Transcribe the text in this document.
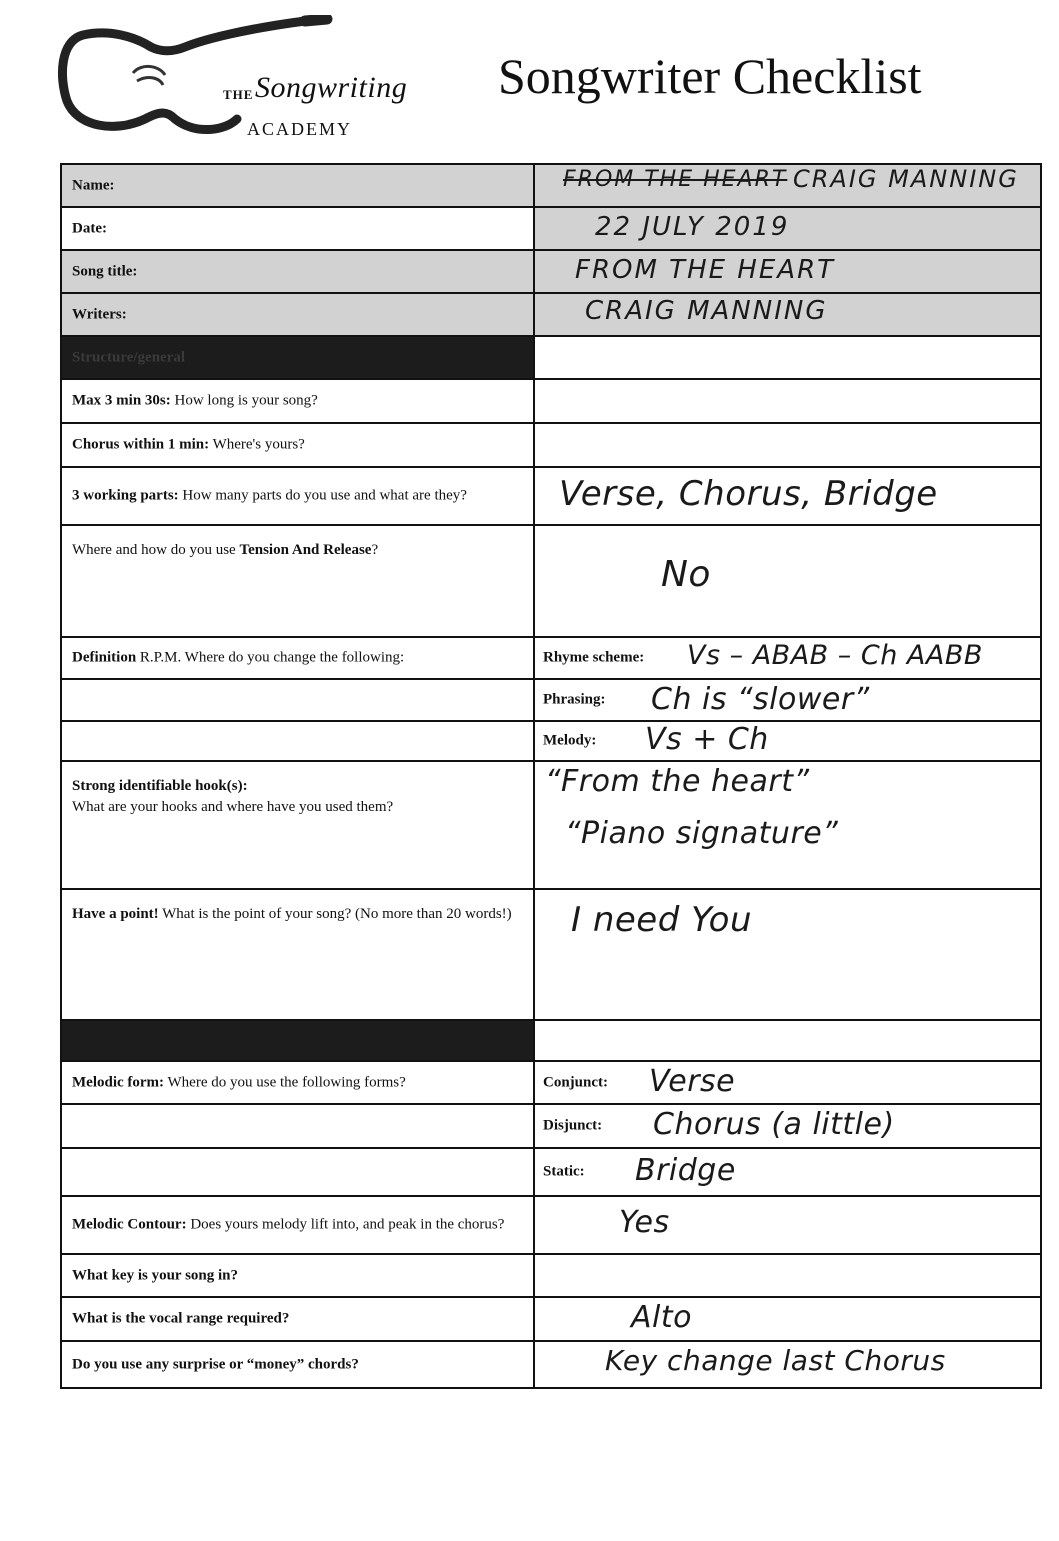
THE Songwriting
ACADEMY
Songwriter Checklist
Name:	FROM THE HEART CRAIG MANNING
Date:	22 JULY 2019
Song title:	FROM THE HEART
Writers:	CRAIG MANNING
Structure/general
Max 3 min 30s: How long is your song?
Chorus within 1 min: Where's yours?
3 working parts: How many parts do you use and what are they?	Verse, Chorus, Bridge
Where and how do you use Tension And Release?
No
Definition R.P.M. Where do you change the following:	Rhyme scheme: Vs – ABAB – Ch AABB
Phrasing: Ch is “slower”
Melody: Vs + Ch
Strong identifiable hook(s):
What are your hooks and where have you used them?
“From the heart”
“Piano signature”
Have a point! What is the point of your song? (No more than 20 words!)	I need You
Melodic form: Where do you use the following forms?	Conjunct: Verse
Disjunct: Chorus (a little)
Static: Bridge
Melodic Contour: Does yours melody lift into, and peak in the chorus?	Yes
What key is your song in?
What is the vocal range required?	Alto
Do you use any surprise or “money” chords?	Key change last Chorus
